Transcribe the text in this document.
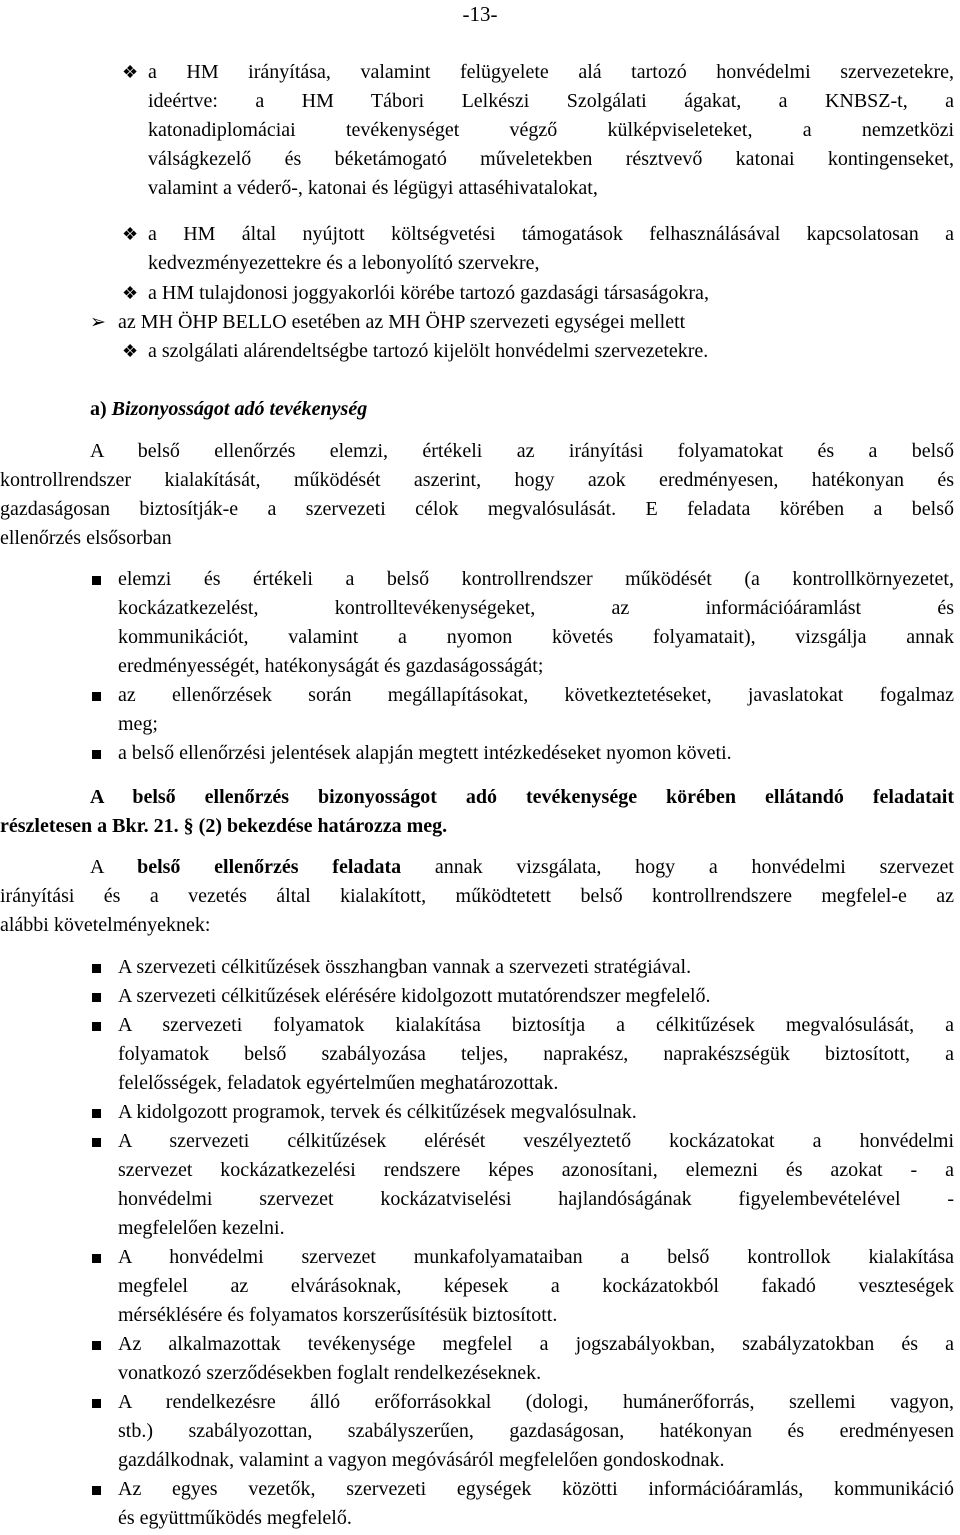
-13-
❖ a HM irányítása, valamint felügyelete alá tartozó honvédelmi szervezetekre,
ideértve: a HM Tábori Lelkészi Szolgálati ágakat, a KNBSZ-t, a
katonadiplomáciai tevékenységet végző külképviseleteket, a nemzetközi
válságkezelő és béketámogató műveletekben résztvevő katonai kontingenseket,
valamint a véderő-, katonai és légügyi attaséhivatalokat,
❖ a HM által nyújtott költségvetési támogatások felhasználásával kapcsolatosan a
kedvezményezettekre és a lebonyolító szervekre,
❖ a HM tulajdonosi joggyakorlói körébe tartozó gazdasági társaságokra,
➢ az MH ÖHP BELLO esetében az MH ÖHP szervezeti egységei mellett
❖ a szolgálati alárendeltségbe tartozó kijelölt honvédelmi szervezetekre.
a) Bizonyosságot adó tevékenység
A belső ellenőrzés elemzi, értékeli az irányítási folyamatokat és a belső
kontrollrendszer kialakítását, működését aszerint, hogy azok eredményesen, hatékonyan és
gazdaságosan biztosítják-e a szervezeti célok megvalósulását. E feladata körében a belső
ellenőrzés elsősorban
elemzi és értékeli a belső kontrollrendszer működését (a kontrollkörnyezetet,
kockázatkezelést, kontrolltevékenységeket, az információáramlást és
kommunikációt, valamint a nyomon követés folyamatait), vizsgálja annak
eredményességét, hatékonyságát és gazdaságosságát;
az ellenőrzések során megállapításokat, következtetéseket, javaslatokat fogalmaz
meg;
a belső ellenőrzési jelentések alapján megtett intézkedéseket nyomon követi.
A belső ellenőrzés bizonyosságot adó tevékenysége körében ellátandó feladatait
részletesen a Bkr. 21. § (2) bekezdése határozza meg.
A belső ellenőrzés feladata annak vizsgálata, hogy a honvédelmi szervezet
irányítási és a vezetés által kialakított, működtetett belső kontrollrendszere megfelel-e az
alábbi követelményeknek:
A szervezeti célkitűzések összhangban vannak a szervezeti stratégiával.
A szervezeti célkitűzések elérésére kidolgozott mutatórendszer megfelelő.
A szervezeti folyamatok kialakítása biztosítja a célkitűzések megvalósulását, a
folyamatok belső szabályozása teljes, naprakész, naprakészségük biztosított, a
felelősségek, feladatok egyértelműen meghatározottak.
A kidolgozott programok, tervek és célkitűzések megvalósulnak.
A szervezeti célkitűzések elérését veszélyeztető kockázatokat a honvédelmi
szervezet kockázatkezelési rendszere képes azonosítani, elemezni és azokat - a
honvédelmi szervezet kockázatviselési hajlandóságának figyelembevételével -
megfelelően kezelni.
A honvédelmi szervezet munkafolyamataiban a belső kontrollok kialakítása
megfelel az elvárásoknak, képesek a kockázatokból fakadó veszteségek
mérséklésére és folyamatos korszerűsítésük biztosított.
Az alkalmazottak tevékenysége megfelel a jogszabályokban, szabályzatokban és a
vonatkozó szerződésekben foglalt rendelkezéseknek.
A rendelkezésre álló erőforrásokkal (dologi, humánerőforrás, szellemi vagyon,
stb.) szabályozottan, szabályszerűen, gazdaságosan, hatékonyan és eredményesen
gazdálkodnak, valamint a vagyon megóvásáról megfelelően gondoskodnak.
Az egyes vezetők, szervezeti egységek közötti információáramlás, kommunikáció
és együttműködés megfelelő.
